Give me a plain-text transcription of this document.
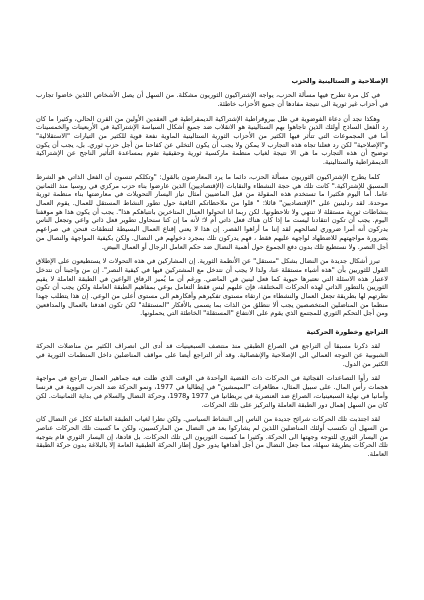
الإصلاحية و الستالينية والحزب

في كل مرة تطرح فيها مسألة الحزب، يواجه الإشتراكيون الثوريون مشكلة. من السهل أن يصل الأشخاص اللذين خاضوا تجارب في أحزاب غير ثورية الى نتيجة مفادها أن جميع الأحزاب خاطئة.

وهكذا نجد أن دعاة الفوضوية في ظل بيروقراطية الإشتراكية الديمقراطية في العقدين الأولين من القرن الحالي، وكثيرا ما كان رد الفعل الساذج أولئك الذين تاجاهوا بهم الستالينية هو الانقلاب ضد جميع أشكال السياسة الإشتراكية في الأربعينات والخمسينات أما في المجموعات التي تتأثر فيها الكثير من الأحزاب الثورية الستالينية الماوية نفعة قوية للكثير من التيارات "الاستقلالية" و"الإصلاحية" لكن رد فعلنا تجاه هذه التجارب لا يمكن ولا يجب أن يكون التخلي عن كفاحنا من أجل حزب ثوري. بل، يجب أن يكون توضيح أن هذه التجارب ما هي الا نتيجة لغياب منظمة ماركسية ثورية وحقيقية تقوم بمساعدة التأثير الناجح عن الإشتراكية الديمقراطية والستالينية.

كلما يطرح الإشتراكيون الثوريون مسألة الحزب، دائما ما يرد المعارضون بالقول: "وتكلكم تنسون أن الفعل الذاتي هو الشرط المسبق للإشتراكية." كانت تلك هي حجة النشطاء والنقابات (الإقتصاديين) الذين عارضوا بناء حزب مركزي في روسيا منذ الثمانين عاما. أما اليوم فكثيرا ما تستخدم هذه المقولة من قبل الماضيين أمثال تياز اليسار التحويلات في معارضتها بناء منظمة ثورية موحدة. لقد ردلينين على "الإقتصاديين" قائلا: " قلوا من ملاحظاتكم الثاقبة حول تطور النشاط المستقل للعمال. يقوم العمال بنشاطات ثورية مستقلة لا تنتهي ولا تلاحظونها. لكن ربما انا اتحولوا العمال المتاخرين بانتباهكم هذا". يجب أن يكون هذا هو موقفنا اليوم. يجب أن تكون انتقادنا ليست ما إذا كان هناك فعل ذاتي أم لا؛ لأنه ما إن كنا سنحاول تطوير فعل ذاتي واعي وتجعل الناس يدركون أنه أمرا ضروري لصالحهم لقد إننا ما أراهوا الفصر. إن هذا لا يعني إقناع العمال البسيطة لتنطقات فنحن في صراعهم بضرورة مواجهتهم للاضطهاد لواجهه عليهم فقط ، فهم يدركون تلك بمجرد دخولهم في النضال. ولكن بكيفية المواجهة والنصال من أجل النصر. ولا نستطيع تلك بدون دفع الجموع حول أهمية النضال ضد حكم العامل الرجال أو العمال البيض.

تبرز أشكال جديدة من النضال بشكل "مستقل" عن الأنظمة الثورية. إن المشاركين في هذه التحولات لا يستطيعون على الإطلاق القول للثوريين بأن "هذه أشياء مستقلة عنا، ولذا لا يجب أن نتدخل مع المشتركين فيها في كيفية النصر". إن من واجبنا أن نتدخل لاعتبار هذه الاسئلة التي نعتبرها حيوية كما فعل لينين في الماضي. ورغم أن ما يُميز الرفاق الواعين في الطبقة العاملة لا يقيم الثوريين بالتطور الذاتي لهذه الحركات المختلفة، فإن عليهم ليس فقط التعامل بوعي بمفاهيم الطبقة العاملة ولكن يجب أن تكون نظرتهم لها بطريقة تجعل العمال والنشطاء من ارتقاء مستوى تفكيرهم وأفكارهم الى مستوى أعلى من الوعي. إن هذا يتطلب جهدا منظما من المناضلين المتخصصين يجب ألا ننطلق من الذات بما يسمى بالأفكار "المستقلة" لكن تكون اهدفنا بالعمال والمدافعين ومن أجل التحكم الثوري للمجتمع الذي يقوم على الانتفاع "المستقلة" الخاطئة التي يحملونها.

التراجع وخطورة الحركتية

لقد ذكرنا مسبقا أن التراجع في الصراع الطبقي منذ منتصف السبعينيات قد أدى الى انصراف الكثير من مناضلات الحركة الشبوبية عن التوجه العمالي الى الإصلاحية والإنفصالية. وقد أثر التراجع أيضا على مواقف المناضلين داخل المنظمات الثورية في الكثير من الدول.

لقد رأوا التصاعدات الفجائية في الحركات ذات القضية الواحدة في الوقت الذي ظلت فيه جماهير العمال تتراجع في مواجهة هجمات رأس المال. على سبيل المثال، مظاهرات "الميمشين" في إيطاليا في 1977، ونمو الحركة ضد الحرب النووية في فرنسا وأمانيا في نهاية السبعينيات، الصراع ضد العنصرية في بريطانيا في 1977 و1978، وحركة النضال والسلام في بداية الثمانينات. لكن كان من السهل إهمال دور الطبقة العاملة والتركيز على تلك الحركات.

لقد اجتذبت تلك الحركات شرائح جديدة من الناس إلى النشاط السياسي. ولكن نظرا لغياب الطبقة العاملة ككل عن النضال كان من السهل أن تكتسب أولئك المناضلين اللذين لم يشاركوا بعد في النضال من الماركسيين، ولكن ما كسبت تلك الحركات عناصر من اليسار الثوري للتوجه وجهتها الى الحركة. وكثيرا ما كسبت الثوريون الى تلك الحركات. بل قادها، إن اليسار الثوري قام بتوجيه تلك الحركات بطريقة سهلة، مما جعل النضال من أجل أهدافها يدور حول إطار الحركة الطبقية العامة إلا بالبلاغة بدون حركة الطبقة العاملة.
